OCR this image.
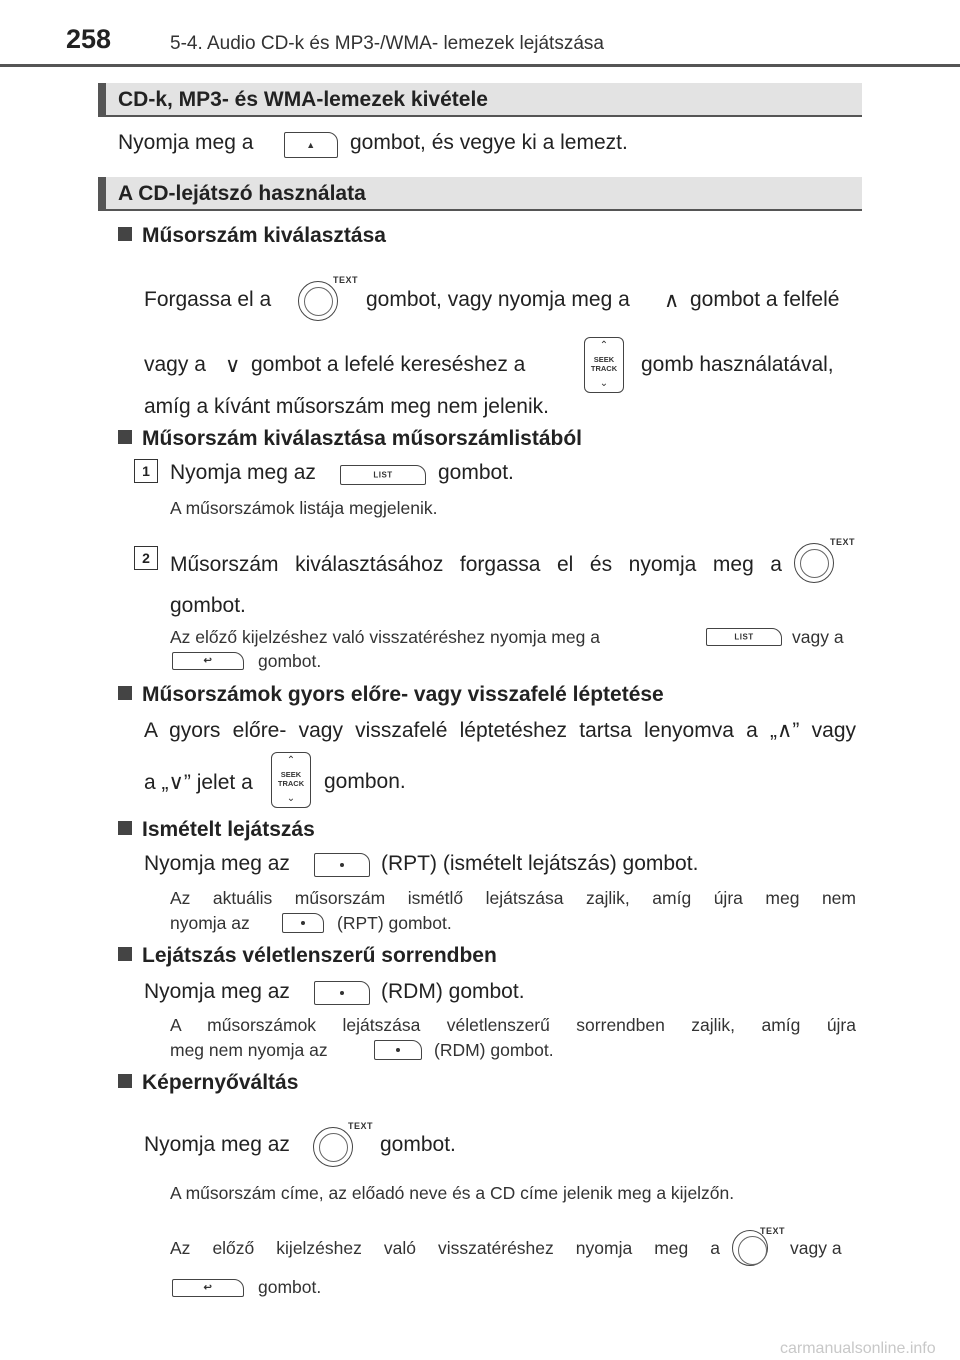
258	5-4. Audio CD-k és MP3-/WMA- lemezek lejátszása
CD-k, MP3- és WMA-lemezek kivétele
Nyomja meg a	▲	gombot, és vegye ki a lemezt.
A CD-lejátszó használata
Műsorszám kiválasztása
Forgassa el a
TEXT
gombot, vagy nyomja meg a ∧ gombot a felfelé
vagy a ∨ gombot a lefelé kereséshez a
⌃
SEEK
TRACK
⌄
gomb használatával,
amíg a kívánt műsorszám meg nem jelenik.
Műsorszám kiválasztása műsorszámlistából
1 Nyomja meg az	LIST	gombot.
A műsorszámok listája megjelenik.
2 Műsorszám kiválasztásához forgassa el és nyomja meg a
TEXT
gombot.
Az előző kijelzéshez való visszatéréshez nyomja meg a	LIST	vagy a
↩	gombot.
Műsorszámok gyors előre- vagy visszafelé léptetése
A gyors előre- vagy visszafelé léptetéshez tartsa lenyomva a „∧” vagy
a „∨” jelet a
⌃
SEEK
TRACK
⌄
gombon.
Ismételt lejátszás
Nyomja meg az	(RPT) (ismételt lejátszás) gombot.
Az aktuális műsorszám ismétlő lejátszása zajlik, amíg újra meg nem
nyomja az	(RPT) gombot.
Lejátszás véletlenszerű sorrendben
Nyomja meg az	(RDM) gombot.
A műsorszámok lejátszása véletlenszerű sorrendben zajlik, amíg újra
meg nem nyomja az	(RDM) gombot.
Képernyőváltás
Nyomja meg az
TEXT
gombot.
A műsorszám címe, az előadó neve és a CD címe jelenik meg a kijelzőn.
Az előző kijelzéshez való visszatéréshez nyomja meg a
TEXT
vagy a
↩	gombot.
carmanualsonline.info
